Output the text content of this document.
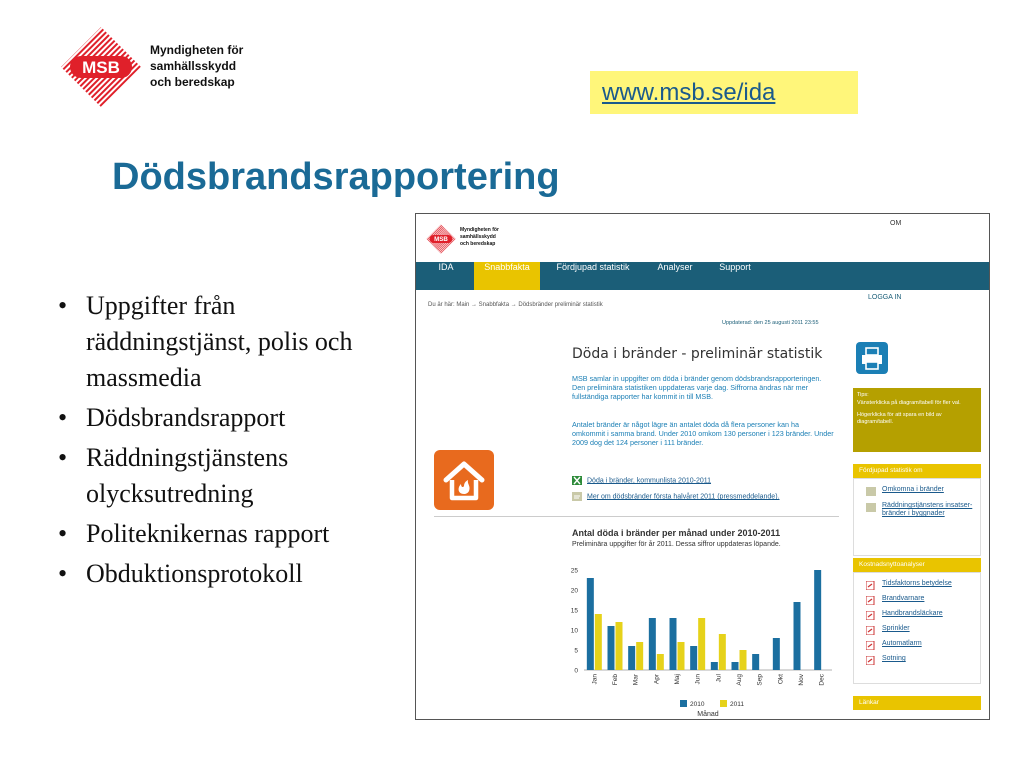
MSB
Myndigheten för
samhällsskydd
och beredskap	www.msb.se/ida
Dödsbrandsrapportering
• Uppgifter från räddningstjänst, polis och massmedia
• Dödsbrandsrapport
• Räddningstjänstens olycksutredning
• Politeknikernas rapport
• Obduktionsprotokoll
MSB
Myndigheten för
samhällsskydd
och beredskap
OM
IDA	Snabbfakta	Fördjupad statistik	Analyser	Support
LOGGA IN
Du är här: Main → Snabbfakta → Dödsbränder preliminär statistik
Uppdaterad: den 25 augusti 2011 23:55
Döda i bränder - preliminär statistik

MSB samlar in uppgifter om döda i bränder genom dödsbrandsrapporteringen. Den preliminära statistiken uppdateras varje dag. Siffrorna ändras när mer fullständiga rapporter har kommit in till MSB.

Antalet bränder är något lägre än antalet döda då flera personer kan ha omkommit i samma brand. Under 2010 omkom 130 personer i 123 bränder. Under 2009 dog det 124 personer i 111 bränder.

Döda i bränder, kommunlista 2010-2011
Mer om dödsbränder första halvåret 2011 (pressmeddelande).
Antal döda i bränder per månad under 2010-2011
Preliminära uppgifter för år 2011. Dessa siffror uppdateras löpande.
0
5
10
15
20
25
Jan Feb Mar Apr Maj Jun Jul Aug Sep Okt Nov Dec
2010	2011
Månad
Tips:
Vänsterklicka på diagram/tabell för fler val.
Högerklicka för att spara en bild av diagram/tabell.
Fördjupad statistik om
Omkomna i bränder
Räddningstjänstens insatser-bränder i byggnader
Kostnadsnyttoanalyser
Länkar
Tidsfaktorns betydelse
Brandvarnare
Handbrandsläckare
Sprinkler
Automatlarm
Sotning
